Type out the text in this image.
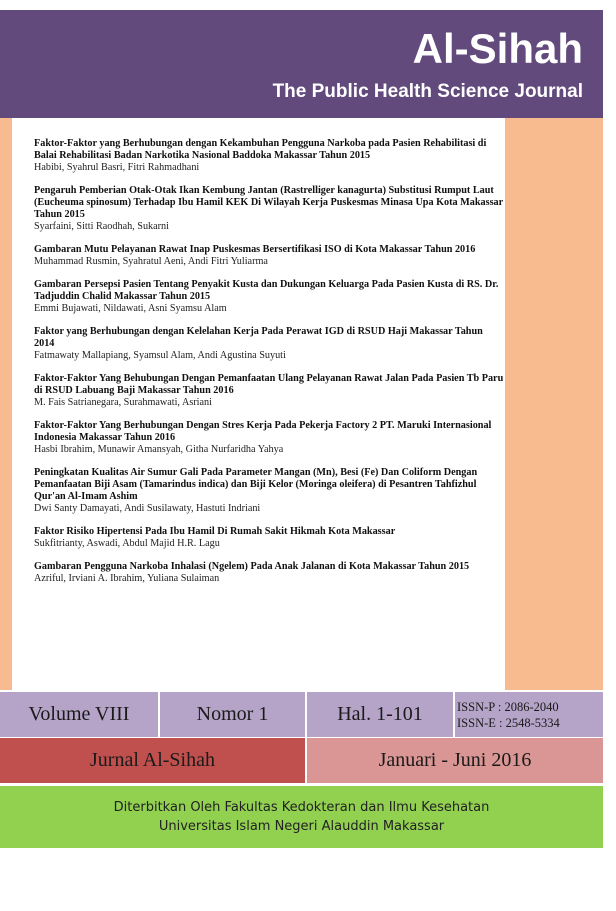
Al-Sihah
The Public Health Science Journal
Faktor-Faktor yang Berhubungan dengan Kekambuhan Pengguna Narkoba pada Pasien Rehabilitasi di Balai Rehabilitasi Badan Narkotika Nasional Baddoka Makassar Tahun 2015
Habibi, Syahrul Basri, Fitri Rahmadhani
Pengaruh Pemberian Otak-Otak Ikan Kembung Jantan (Rastrelliger kanagurta) Substitusi Rumput Laut (Eucheuma spinosum) Terhadap Ibu Hamil KEK Di Wilayah Kerja Puskesmas Minasa Upa Kota Makassar Tahun 2015
Syarfaini, Sitti Raodhah, Sukarni
Gambaran Mutu Pelayanan Rawat Inap Puskesmas Bersertifikasi ISO di Kota Makassar Tahun 2016
Muhammad Rusmin, Syahratul Aeni, Andi Fitri Yuliarma
Gambaran Persepsi Pasien Tentang Penyakit Kusta dan Dukungan Keluarga Pada Pasien Kusta di RS. Dr. Tadjuddin Chalid Makassar Tahun 2015
Emmi Bujawati, Nildawati, Asni Syamsu Alam
Faktor yang Berhubungan dengan Kelelahan Kerja Pada Perawat IGD di RSUD Haji Makassar Tahun 2014
Fatmawaty Mallapiang, Syamsul Alam, Andi Agustina Suyuti
Faktor-Faktor Yang Behubungan Dengan Pemanfaatan Ulang Pelayanan Rawat Jalan Pada Pasien Tb Paru di RSUD Labuang Baji Makassar Tahun 2016
M. Fais Satrianegara, Surahmawati, Asriani
Faktor-Faktor Yang Berhubungan Dengan Stres Kerja Pada Pekerja Factory 2 PT. Maruki Internasional Indonesia Makassar Tahun 2016
Hasbi Ibrahim, Munawir Amansyah, Githa Nurfaridha Yahya
Peningkatan Kualitas Air Sumur Gali Pada Parameter Mangan (Mn), Besi (Fe) Dan Coliform Dengan Pemanfaatan Biji Asam (Tamarindus indica) dan Biji Kelor (Moringa oleifera) di Pesantren Tahfizhul Qur'an Al-Imam Ashim
Dwi Santy Damayati, Andi Susilawaty, Hastuti Indriani
Faktor Risiko Hipertensi Pada Ibu Hamil Di Rumah Sakit Hikmah Kota Makassar
Sukfitrianty, Aswadi, Abdul Majid H.R. Lagu
Gambaran Pengguna Narkoba Inhalasi (Ngelem) Pada Anak Jalanan di Kota Makassar Tahun 2015
Azriful, Irviani A. Ibrahim, Yuliana Sulaiman
Volume VIII	Nomor 1	Hal. 1-101	ISSN-P : 2086-2040
ISSN-E : 2548-5334
Jurnal Al-Sihah	Januari - Juni 2016
Diterbitkan Oleh Fakultas Kedokteran dan Ilmu Kesehatan
Universitas Islam Negeri Alauddin Makassar
